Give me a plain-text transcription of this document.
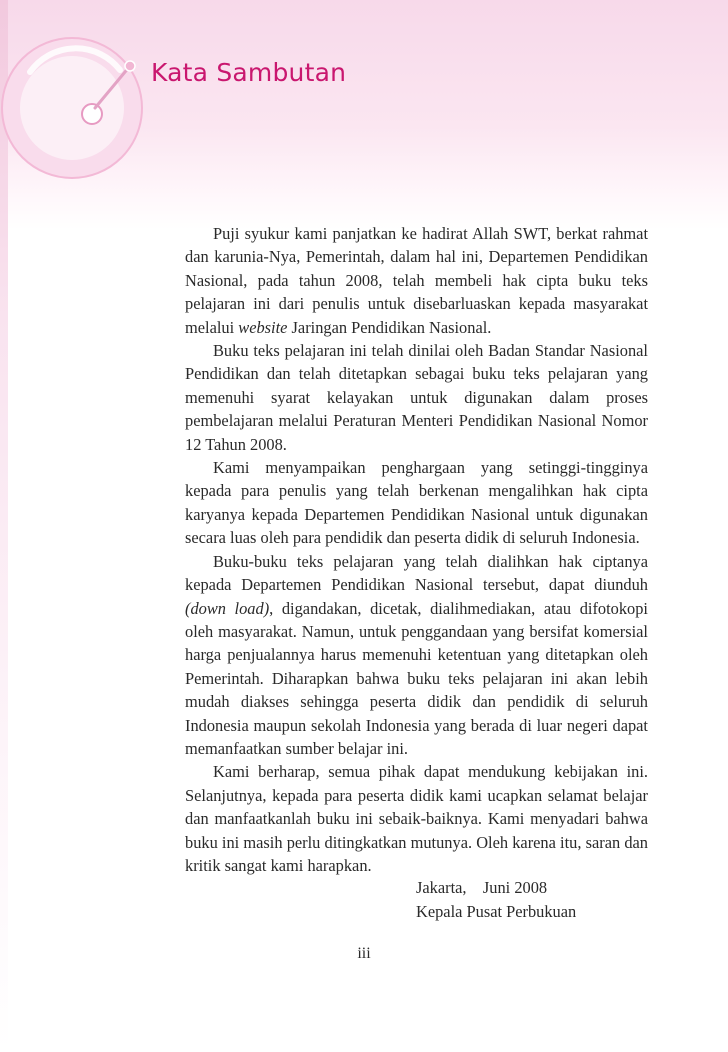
Kata Sambutan

Puji syukur kami panjatkan ke hadirat Allah SWT, berkat rahmat dan karunia-Nya, Pemerintah, dalam hal ini, Departemen Pendidikan Nasional, pada tahun 2008, telah membeli hak cipta buku teks pelajaran ini dari penulis untuk disebarluaskan kepada masyarakat melalui website Jaringan Pendidikan Nasional.

Buku teks pelajaran ini telah dinilai oleh Badan Standar Nasional Pendidikan dan telah ditetapkan sebagai buku teks pelajaran yang memenuhi syarat kelayakan untuk digunakan dalam proses pembelajaran melalui Peraturan Menteri Pendidikan Nasional Nomor 12 Tahun 2008.

Kami menyampaikan penghargaan yang setinggi-tingginya kepada para penulis yang telah berkenan mengalihkan hak cipta karyanya kepada Departemen Pendidikan Nasional untuk digunakan secara luas oleh para pendidik dan peserta didik di seluruh Indonesia.

Buku-buku teks pelajaran yang telah dialihkan hak ciptanya kepada Departemen Pendidikan Nasional tersebut, dapat diunduh (down load), digandakan, dicetak, dialihmediakan, atau difotokopi oleh masyarakat. Namun, untuk penggandaan yang bersifat komersial harga penjualannya harus memenuhi ketentuan yang ditetapkan oleh Pemerintah. Diharapkan bahwa buku teks pelajaran ini akan lebih mudah diakses sehingga peserta didik dan pendidik di seluruh Indonesia maupun sekolah Indonesia yang berada di luar negeri dapat memanfaatkan sumber belajar ini.

Kami berharap, semua pihak dapat mendukung kebijakan ini. Selanjutnya, kepada para peserta didik kami ucapkan selamat belajar dan manfaatkanlah buku ini sebaik-baiknya. Kami menyadari bahwa buku ini masih perlu ditingkatkan mutunya. Oleh karena itu, saran dan kritik sangat kami harapkan.

Jakarta,    Juni 2008
Kepala Pusat Perbukuan
iii
